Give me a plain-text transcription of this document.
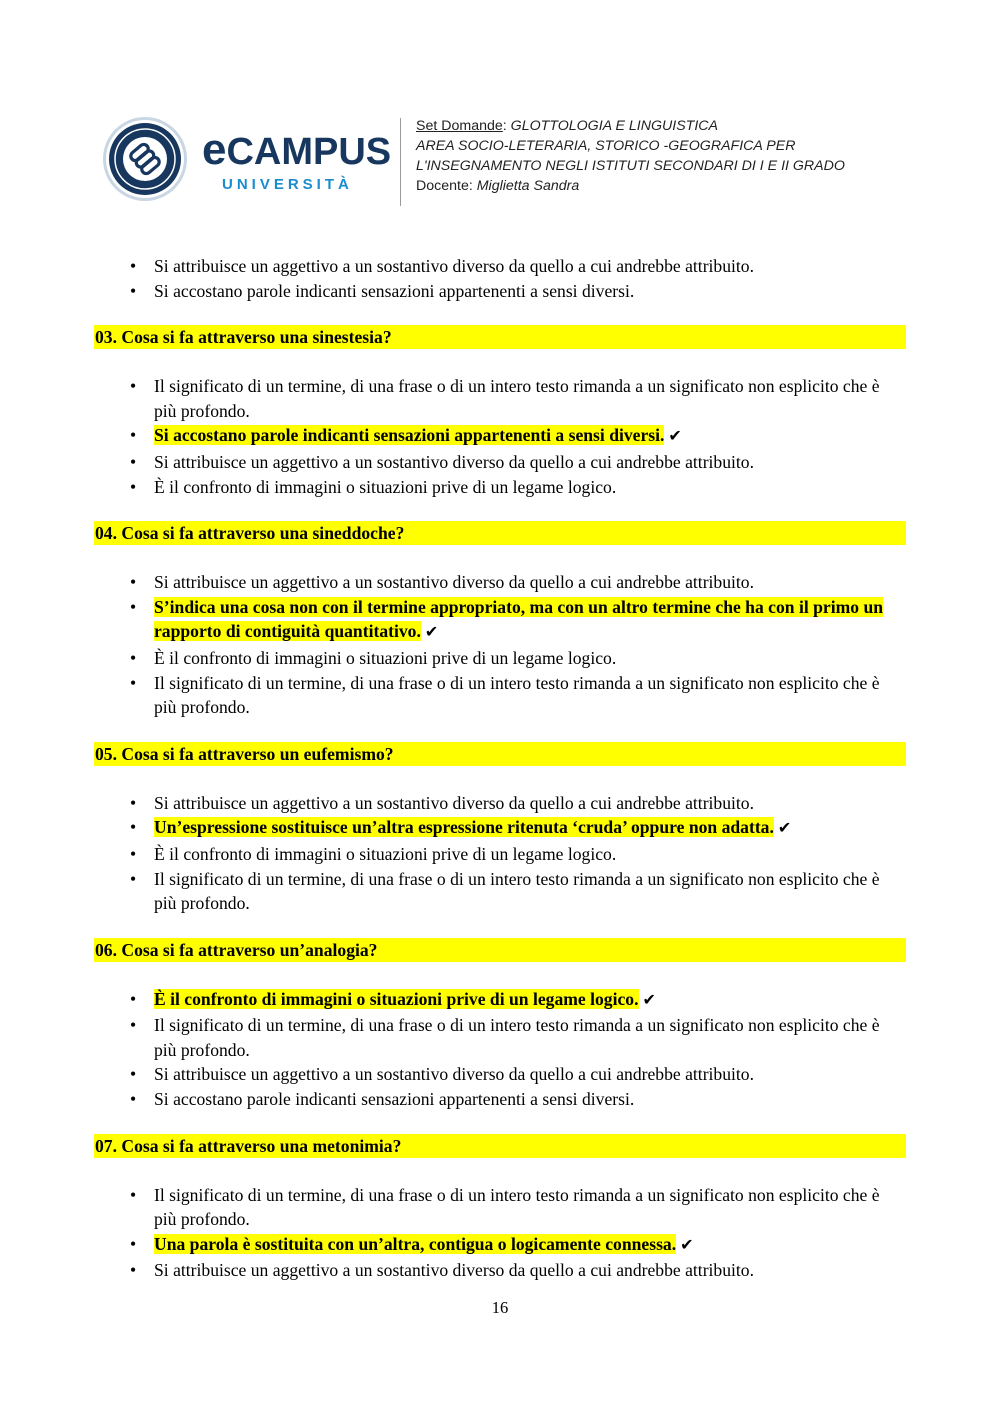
eCAMPUS
UNIVERSITÀ
Set Domande: GLOTTOLOGIA E LINGUISTICA
AREA SOCIO-LETERARIA, STORICO -GEOGRAFICA PER
L'INSEGNAMENTO NEGLI ISTITUTI SECONDARI DI I E II GRADO
Docente: Miglietta Sandra
• Si attribuisce un aggettivo a un sostantivo diverso da quello a cui andrebbe attribuito.
• Si accostano parole indicanti sensazioni appartenenti a sensi diversi.
03. Cosa si fa attraverso una sinestesia?
• Il significato di un termine, di una frase o di un intero testo rimanda a un significato non esplicito che è più profondo.
• Si accostano parole indicanti sensazioni appartenenti a sensi diversi. ✔
• Si attribuisce un aggettivo a un sostantivo diverso da quello a cui andrebbe attribuito.
• È il confronto di immagini o situazioni prive di un legame logico.
04. Cosa si fa attraverso una sineddoche?
• Si attribuisce un aggettivo a un sostantivo diverso da quello a cui andrebbe attribuito.
• S’indica una cosa non con il termine appropriato, ma con un altro termine che ha con il primo un rapporto di contiguità quantitativo. ✔
• È il confronto di immagini o situazioni prive di un legame logico.
• Il significato di un termine, di una frase o di un intero testo rimanda a un significato non esplicito che è più profondo.
05. Cosa si fa attraverso un eufemismo?
• Si attribuisce un aggettivo a un sostantivo diverso da quello a cui andrebbe attribuito.
• Un’espressione sostituisce un’altra espressione ritenuta ‘cruda’ oppure non adatta. ✔
• È il confronto di immagini o situazioni prive di un legame logico.
• Il significato di un termine, di una frase o di un intero testo rimanda a un significato non esplicito che è più profondo.
06. Cosa si fa attraverso un’analogia?
• È il confronto di immagini o situazioni prive di un legame logico. ✔
• Il significato di un termine, di una frase o di un intero testo rimanda a un significato non esplicito che è più profondo.
• Si attribuisce un aggettivo a un sostantivo diverso da quello a cui andrebbe attribuito.
• Si accostano parole indicanti sensazioni appartenenti a sensi diversi.
07. Cosa si fa attraverso una metonimia?
• Il significato di un termine, di una frase o di un intero testo rimanda a un significato non esplicito che è più profondo.
• Una parola è sostituita con un’altra, contigua o logicamente connessa. ✔
• Si attribuisce un aggettivo a un sostantivo diverso da quello a cui andrebbe attribuito.
16
